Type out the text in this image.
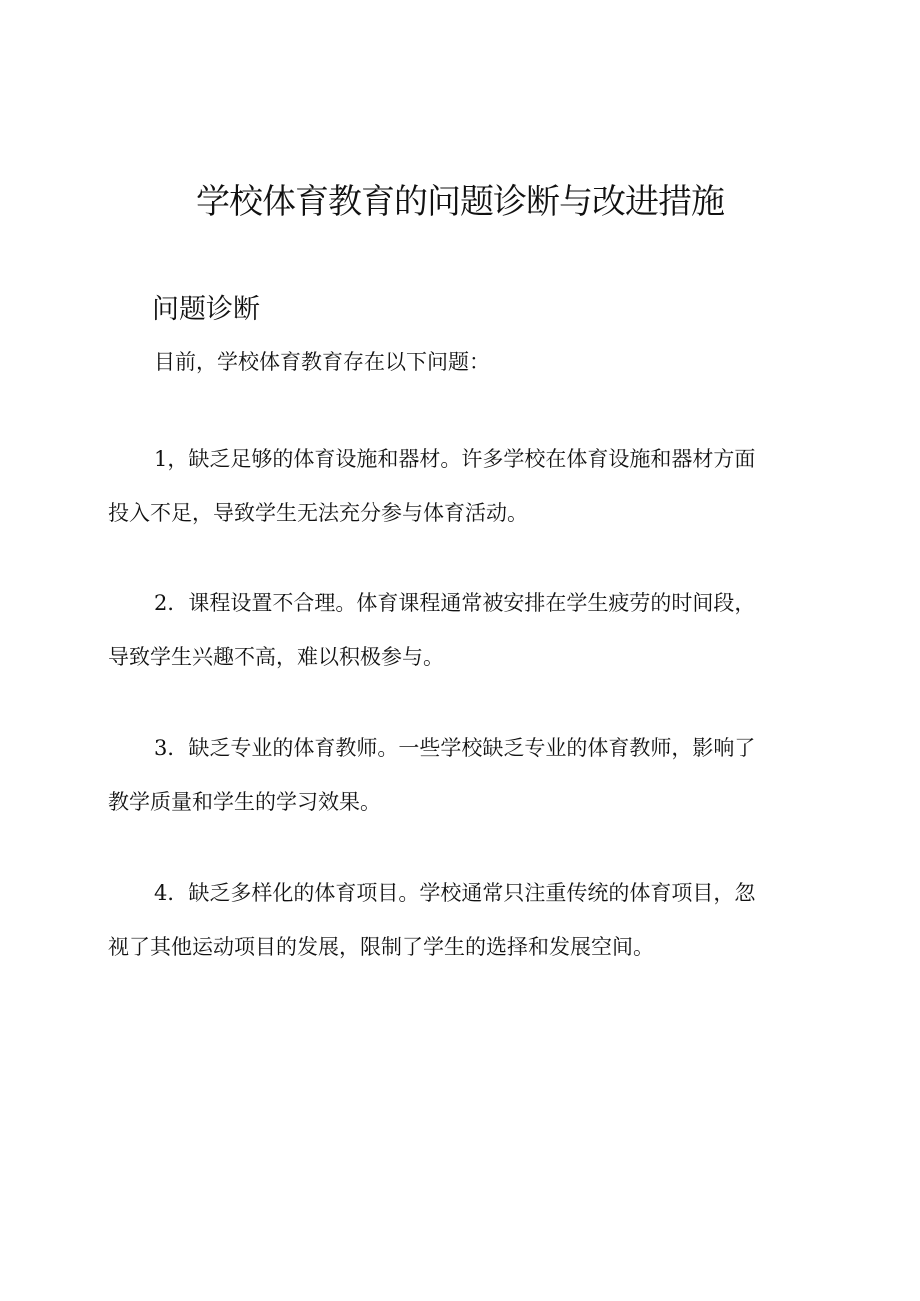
学校体育教育的问题诊断与改进措施
问题诊断

目前，学校体育教育存在以下问题：

1，缺乏足够的体育设施和器材。许多学校在体育设施和器材方面
投入不足，导致学生无法充分参与体育活动。
2．课程设置不合理。体育课程通常被安排在学生疲劳的时间段，
导致学生兴趣不高，难以积极参与。
3．缺乏专业的体育教师。一些学校缺乏专业的体育教师，影响了
教学质量和学生的学习效果。
4．缺乏多样化的体育项目。学校通常只注重传统的体育项目，忽
视了其他运动项目的发展，限制了学生的选择和发展空间。
